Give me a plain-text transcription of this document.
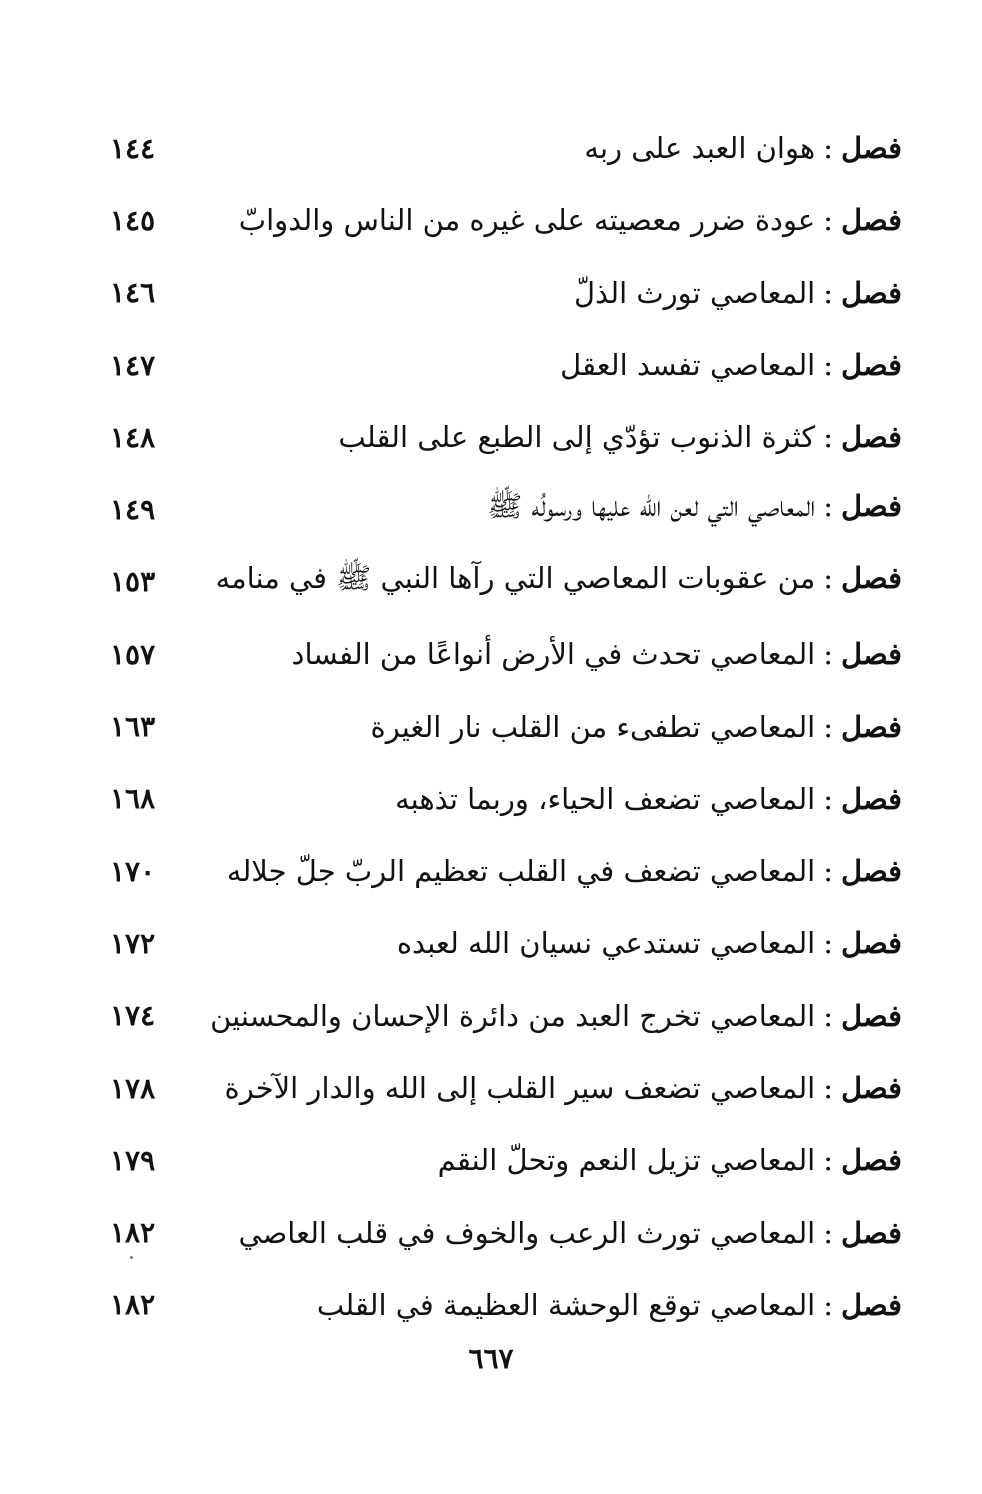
١٤٤	فصل:هوان العبد على ربه
١٤٥	فصل:عودة ضرر معصيته على غيره من الناس والدوابّ
١٤٦	فصل:المعاصي تورث الذلّ
١٤٧	فصل:المعاصي تفسد العقل
١٤٨	فصل:كثرة الذنوب تؤدّي إلى الطبع على القلب
١٤٩	فصل:المعاصي التي لعن الله عليها ورسولُه ﷺ
١٥٣	فصل:من عقوبات المعاصي التي رآها النبي ﷺ في منامه
١٥٧	فصل:المعاصي تحدث في الأرض أنواعًا من الفساد
١٦٣	فصل:المعاصي تطفىء من القلب نار الغيرة
١٦٨	فصل:المعاصي تضعف الحياء، وربما تذهبه
١٧٠	فصل:المعاصي تضعف في القلب تعظيم الربّ جلّ جلاله
١٧٢	فصل:المعاصي تستدعي نسيان الله لعبده
١٧٤	فصل:المعاصي تخرج العبد من دائرة الإحسان والمحسنين
١٧٨	فصل:المعاصي تضعف سير القلب إلى الله والدار الآخرة
١٧٩	فصل:المعاصي تزيل النعم وتحلّ النقم
١٨٢	فصل:المعاصي تورث الرعب والخوف في قلب العاصي
١٨٢	فصل:المعاصي توقع الوحشة العظيمة في القلب
٦٦٧
